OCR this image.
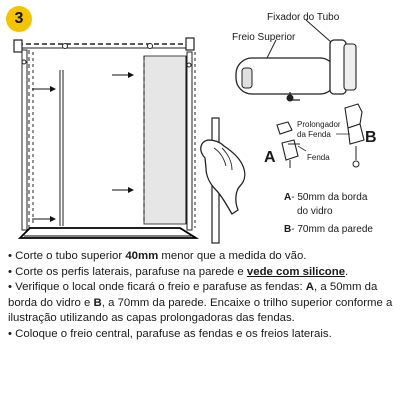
3	Fixador do Tubo
Freio Superior
Prolongador
da Fenda
Fenda
A
B
A- 50mm da borda
do vidro
B- 70mm da parede

• Corte o tubo superior 40mm menor que a medida do vão.

• Corte os perfis laterais, parafuse na parede e vede com silicone.

• Verifique o local onde ficará o freio e parafuse as fendas: A, a 50mm da borda do vidro e B, a 70mm da parede. Encaixe o trilho superior conforme a ilustração utilizando as capas prolongadoras das fendas.

• Coloque o freio central, parafuse as fendas e os freios laterais.
